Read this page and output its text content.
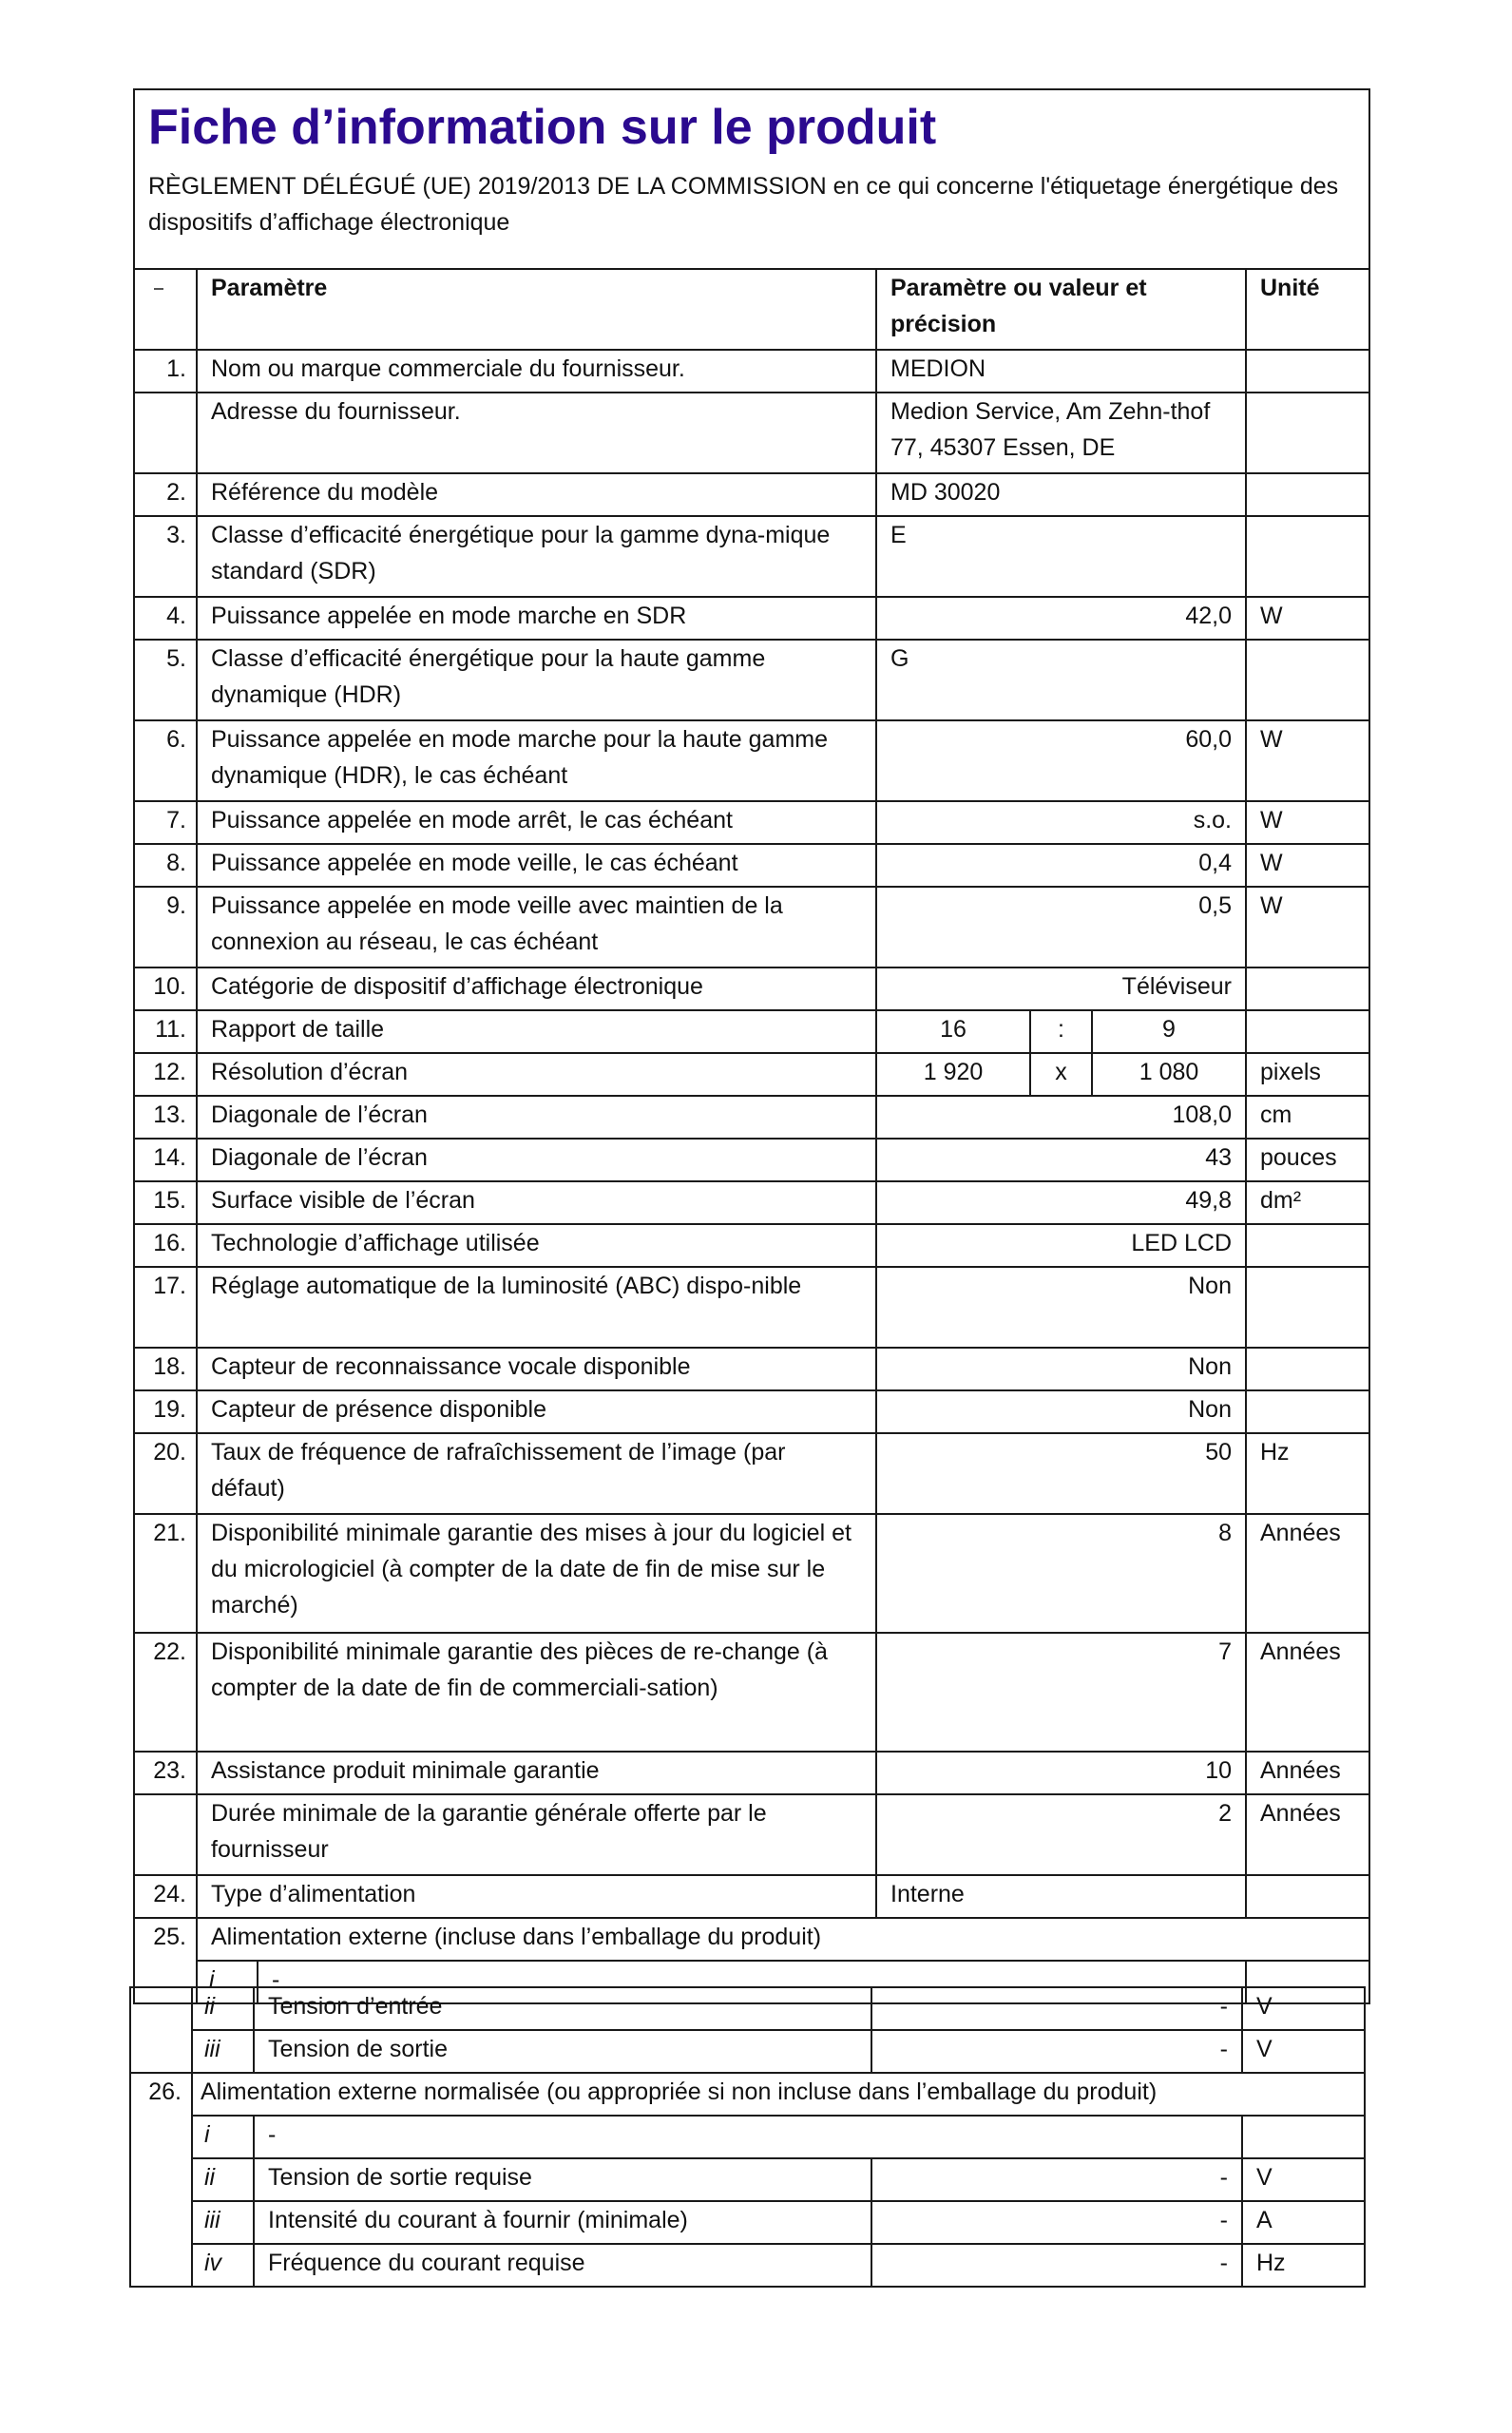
Fiche d’information sur le produit
RÈGLEMENT DÉLÉGUÉ (UE) 2019/2013 DE LA COMMISSION en ce qui concerne l'étiquetage énergétique des dispositifs d’affichage électronique						

	Paramètre		Paramètre ou valeur et précision			Unité
1.	Nom ou marque commerciale du fournisseur.		MEDION			
	Adresse du fournisseur.		Medion Service, Am Zehn-thof 77, 45307 Essen, DE			
2.	Référence du modèle		MD 30020			
3.	Classe d’efficacité énergétique pour la gamme dyna-mique standard (SDR)		E			
4.	Puissance appelée en mode marche en SDR		42,0			W
5.	Classe d’efficacité énergétique pour la haute gamme dynamique (HDR)		G			
6.	Puissance appelée en mode marche pour la haute gamme dynamique (HDR), le cas échéant		60,0			W
7.	Puissance appelée en mode arrêt, le cas échéant		s.o.			W
8.	Puissance appelée en mode veille, le cas échéant		0,4			W
9.	Puissance appelée en mode veille avec maintien de la connexion au réseau, le cas échéant		0,5			W
10.	Catégorie de dispositif d’affichage électronique		Téléviseur			
11.	Rapport de taille		16	:	9	
12.	Résolution d’écran		1 920	x	1 080	pixels
13.	Diagonale de l’écran		108,0			cm
14.	Diagonale de l’écran		43			pouces
15.	Surface visible de l’écran		49,8			dm²
16.	Technologie d’affichage utilisée		LED LCD			
17.	Réglage automatique de la luminosité (ABC) dispo-nible		Non			
18.	Capteur de reconnaissance vocale disponible		Non			
19.	Capteur de présence disponible		Non			
20.	Taux de fréquence de rafraîchissement de l’image (par défaut)		50			Hz
21.	Disponibilité minimale garantie des mises à jour du logiciel et du micrologiciel (à compter de la date de fin de mise sur le marché)		8			Années
22.	Disponibilité minimale garantie des pièces de re-change (à compter de la date de fin de commerciali-sation)		7			Années
23.	Assistance produit minimale garantie		10			Années
	Durée minimale de la garantie générale offerte par le fournisseur		2			Années
24.	Type d’alimentation		Interne			
25.	Alimentation externe (incluse dans l’emballage du produit)					
	i	-				
	ii	Tension d’entrée	-	V
	iii	Tension de sortie	-	V
26.	Alimentation externe normalisée (ou appropriée si non incluse dans l’emballage du produit)			
	i	-		
	ii	Tension de sortie requise	-	V
	iii	Intensité du courant à fournir (minimale)	-	A
	iv	Fréquence du courant requise	-	Hz
